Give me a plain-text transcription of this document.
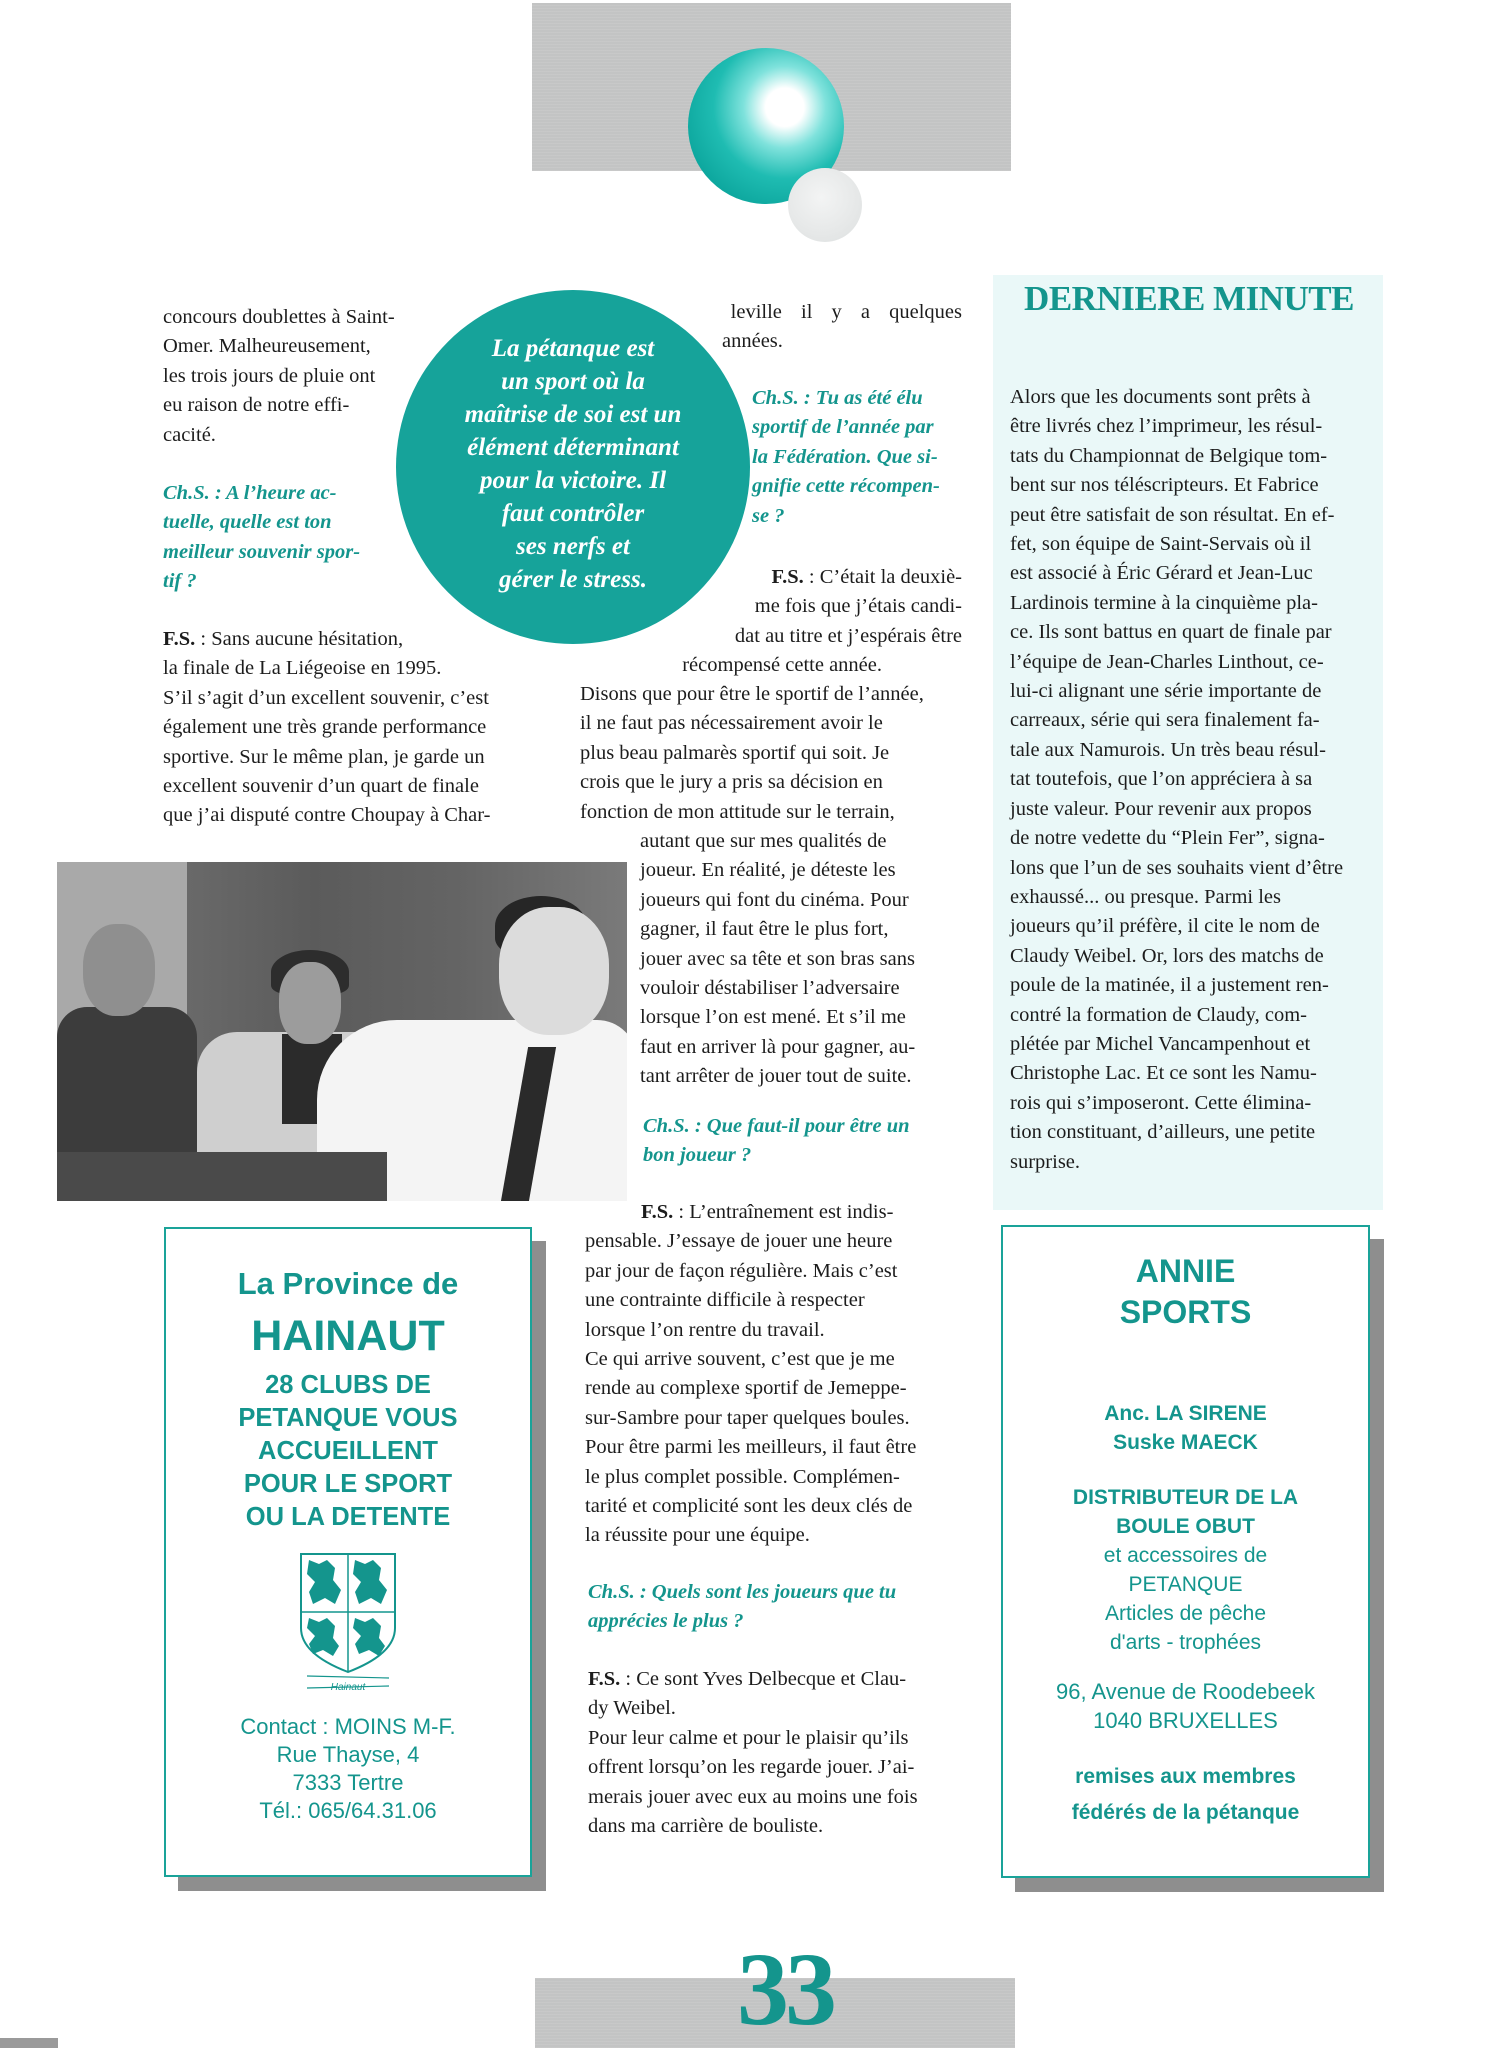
concours doublettes à Saint-
Omer. Malheureusement,
les trois jours de pluie ont
eu raison de notre effi-
cacité.
Ch.S. : A l’heure ac-
tuelle, quelle est ton
meilleur souvenir spor-
tif ?
F.S. : Sans aucune hésitation,
la finale de La Liégeoise en 1995.
S’il s’agit d’un excellent souvenir, c’est
également une très grande performance
sportive. Sur le même plan, je garde un
excellent souvenir d’un quart de finale
que j’ai disputé contre Choupay à Char-
La pétanque est
un sport où la
maîtrise de soi est un
élément déterminant
pour la victoire. Il
faut contrôler
ses nerfs et
gérer le stress.
leville il y a quelques
années.
Ch.S. : Tu as été élu
sportif de l’année par
la Fédération. Que si-
gnifie cette récompen-
se ?
F.S. : C’était la deuxiè-
me fois que j’étais candi-
dat au titre et j’espérais être
récompensé cette année.
Disons que pour être le sportif de l’année,
il ne faut pas nécessairement avoir le
plus beau palmarès sportif qui soit. Je
crois que le jury a pris sa décision en
fonction de mon attitude sur le terrain,
autant que sur mes qualités de
joueur. En réalité, je déteste les
joueurs qui font du cinéma. Pour
gagner, il faut être le plus fort,
jouer avec sa tête et son bras sans
vouloir déstabiliser l’adversaire
lorsque l’on est mené. Et s’il me
faut en arriver là pour gagner, au-
tant arrêter de jouer tout de suite.
Ch.S. : Que faut-il pour être un
bon joueur ?
F.S. : L’entraînement est indis-
pensable. J’essaye de jouer une heure
par jour de façon régulière. Mais c’est
une contrainte difficile à respecter
lorsque l’on rentre du travail.
Ce qui arrive souvent, c’est que je me
rende au complexe sportif de Jemeppe-
sur-Sambre pour taper quelques boules.
Pour être parmi les meilleurs, il faut être
le plus complet possible. Complémen-
tarité et complicité sont les deux clés de
la réussite pour une équipe.
Ch.S. : Quels sont les joueurs que tu
apprécies le plus ?
F.S. : Ce sont Yves Delbecque et Clau-
dy Weibel.
Pour leur calme et pour le plaisir qu’ils
offrent lorsqu’on les regarde jouer. J’ai-
merais jouer avec eux au moins une fois
dans ma carrière de bouliste.
DERNIERE MINUTE
Alors que les documents sont prêts à
être livrés chez l’imprimeur, les résul-
tats du Championnat de Belgique tom-
bent sur nos téléscripteurs. Et Fabrice
peut être satisfait de son résultat. En ef-
fet, son équipe de Saint-Servais où il
est associé à Éric Gérard et Jean-Luc
Lardinois termine à la cinquième pla-
ce. Ils sont battus en quart de finale par
l’équipe de Jean-Charles Linthout, ce-
lui-ci alignant une série importante de
carreaux, série qui sera finalement fa-
tale aux Namurois. Un très beau résul-
tat toutefois, que l’on appréciera à sa
juste valeur. Pour revenir aux propos
de notre vedette du “Plein Fer”, signa-
lons que l’un de ses souhaits vient d’être
exhaussé... ou presque. Parmi les
joueurs qu’il préfère, il cite le nom de
Claudy Weibel. Or, lors des matchs de
poule de la matinée, il a justement ren-
contré la formation de Claudy, com-
plétée par Michel Vancampenhout et
Christophe Lac. Et ce sont les Namu-
rois qui s’imposeront. Cette élimina-
tion constituant, d’ailleurs, une petite
surprise.
La Province de
HAINAUT
28 CLUBS DE
PETANQUE VOUS
ACCUEILLENT
POUR LE SPORT
OU LA DETENTE
Hainaut
Contact : MOINS M-F.
Rue Thayse, 4
7333 Tertre
Tél.: 065/64.31.06
ANNIE
SPORTS
Anc. LA SIRENE
Suske MAECK
DISTRIBUTEUR DE LA
BOULE OBUT
et accessoires de
PETANQUE
Articles de pêche
d'arts - trophées
96, Avenue de Roodebeek
1040 BRUXELLES
remises aux membres
fédérés de la pétanque
33
